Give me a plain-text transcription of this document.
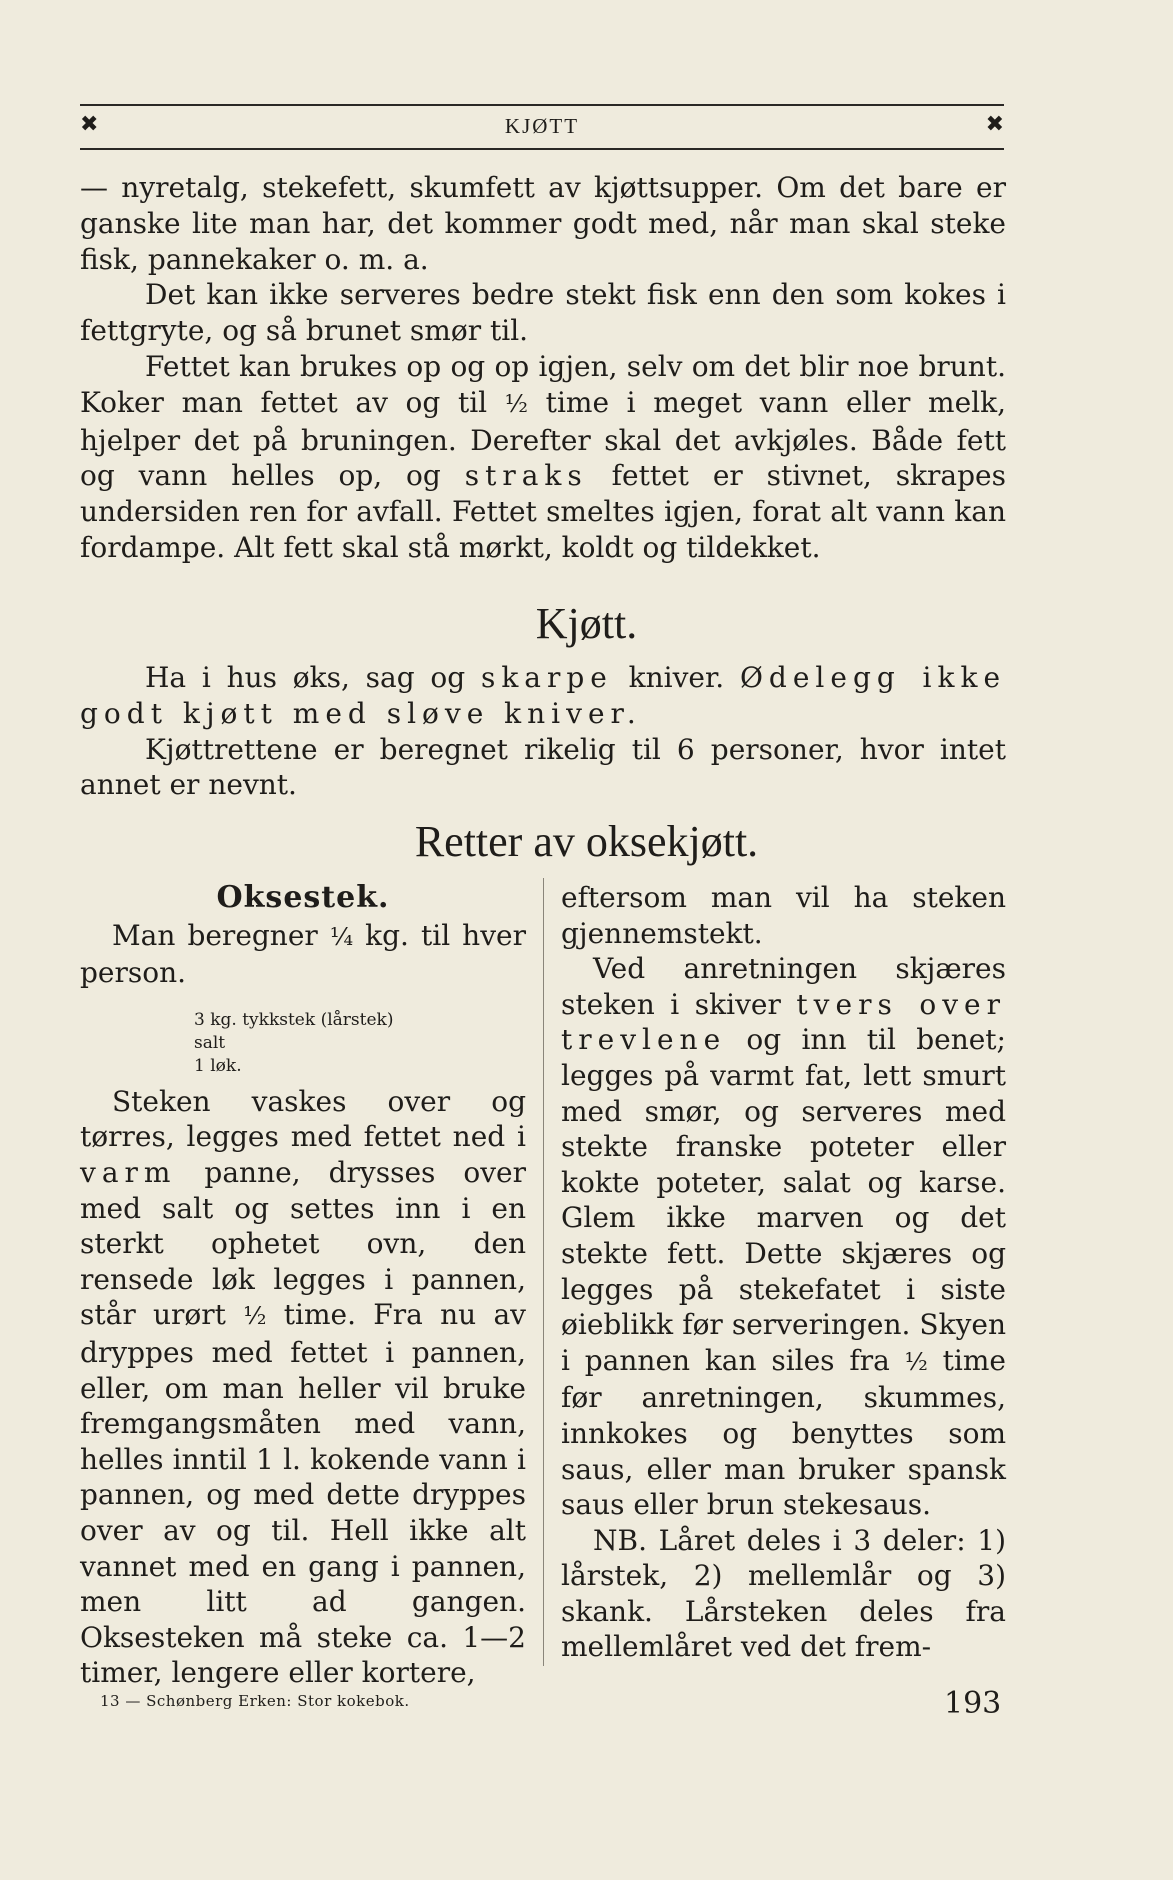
✖	KJØTT	✖

— nyretalg, stekefett, skumfett av kjøttsupper. Om det bare er ganske lite man har, det kommer godt med, når man skal steke fisk, pannekaker o. m. a.

Det kan ikke serveres bedre stekt fisk enn den som kokes i fettgryte, og så brunet smør til.

Fettet kan brukes op og op igjen, selv om det blir noe brunt. Koker man fettet av og til ½ time i meget vann eller melk, hjelper det på bruningen. Derefter skal det avkjøles. Både fett og vann helles op, og straks fettet er stivnet, skrapes undersiden ren for avfall. Fettet smeltes igjen, forat alt vann kan fordampe. Alt fett skal stå mørkt, koldt og tildekket.

Kjøtt.

Ha i hus øks, sag og skarpe kniver. Ødelegg ikke godt kjøtt med sløve kniver.

Kjøttrettene er beregnet rikelig til 6 personer, hvor intet annet er nevnt.

Retter av oksekjøtt.
Oksestek.

Man beregner ¼ kg. til hver person.

3 kg. tykkstek (lårstek)
salt
1 løk.

Steken vaskes over og tørres, legges med fettet ned i varm panne, drysses over med salt og settes inn i en sterkt ophetet ovn, den rensede løk legges i pannen, står urørt ½ time. Fra nu av dryppes med fettet i pannen, eller, om man heller vil bruke fremgangsmåten med vann, helles inntil 1 l. kokende vann i pannen, og med dette dryppes over av og til. Hell ikke alt vannet med en gang i pannen, men litt ad gangen. Oksesteken må steke ca. 1—2 timer, lengere eller kortere,

eftersom man vil ha steken gjennemstekt.

Ved anretningen skjæres steken i skiver tvers over trevlene og inn til benet; legges på varmt fat, lett smurt med smør, og serveres med stekte franske poteter eller kokte poteter, salat og karse. Glem ikke marven og det stekte fett. Dette skjæres og legges på stekefatet i siste øieblikk før serveringen. Skyen i pannen kan siles fra ½ time før anretningen, skummes, innkokes og benyttes som saus, eller man bruker spansk saus eller brun stekesaus.

NB. Låret deles i 3 deler: 1) lårstek, 2) mellemlår og 3) skank. Lårsteken deles fra mellemlåret ved det frem-

13 — Schønberg Erken: Stor kokebok.	193
